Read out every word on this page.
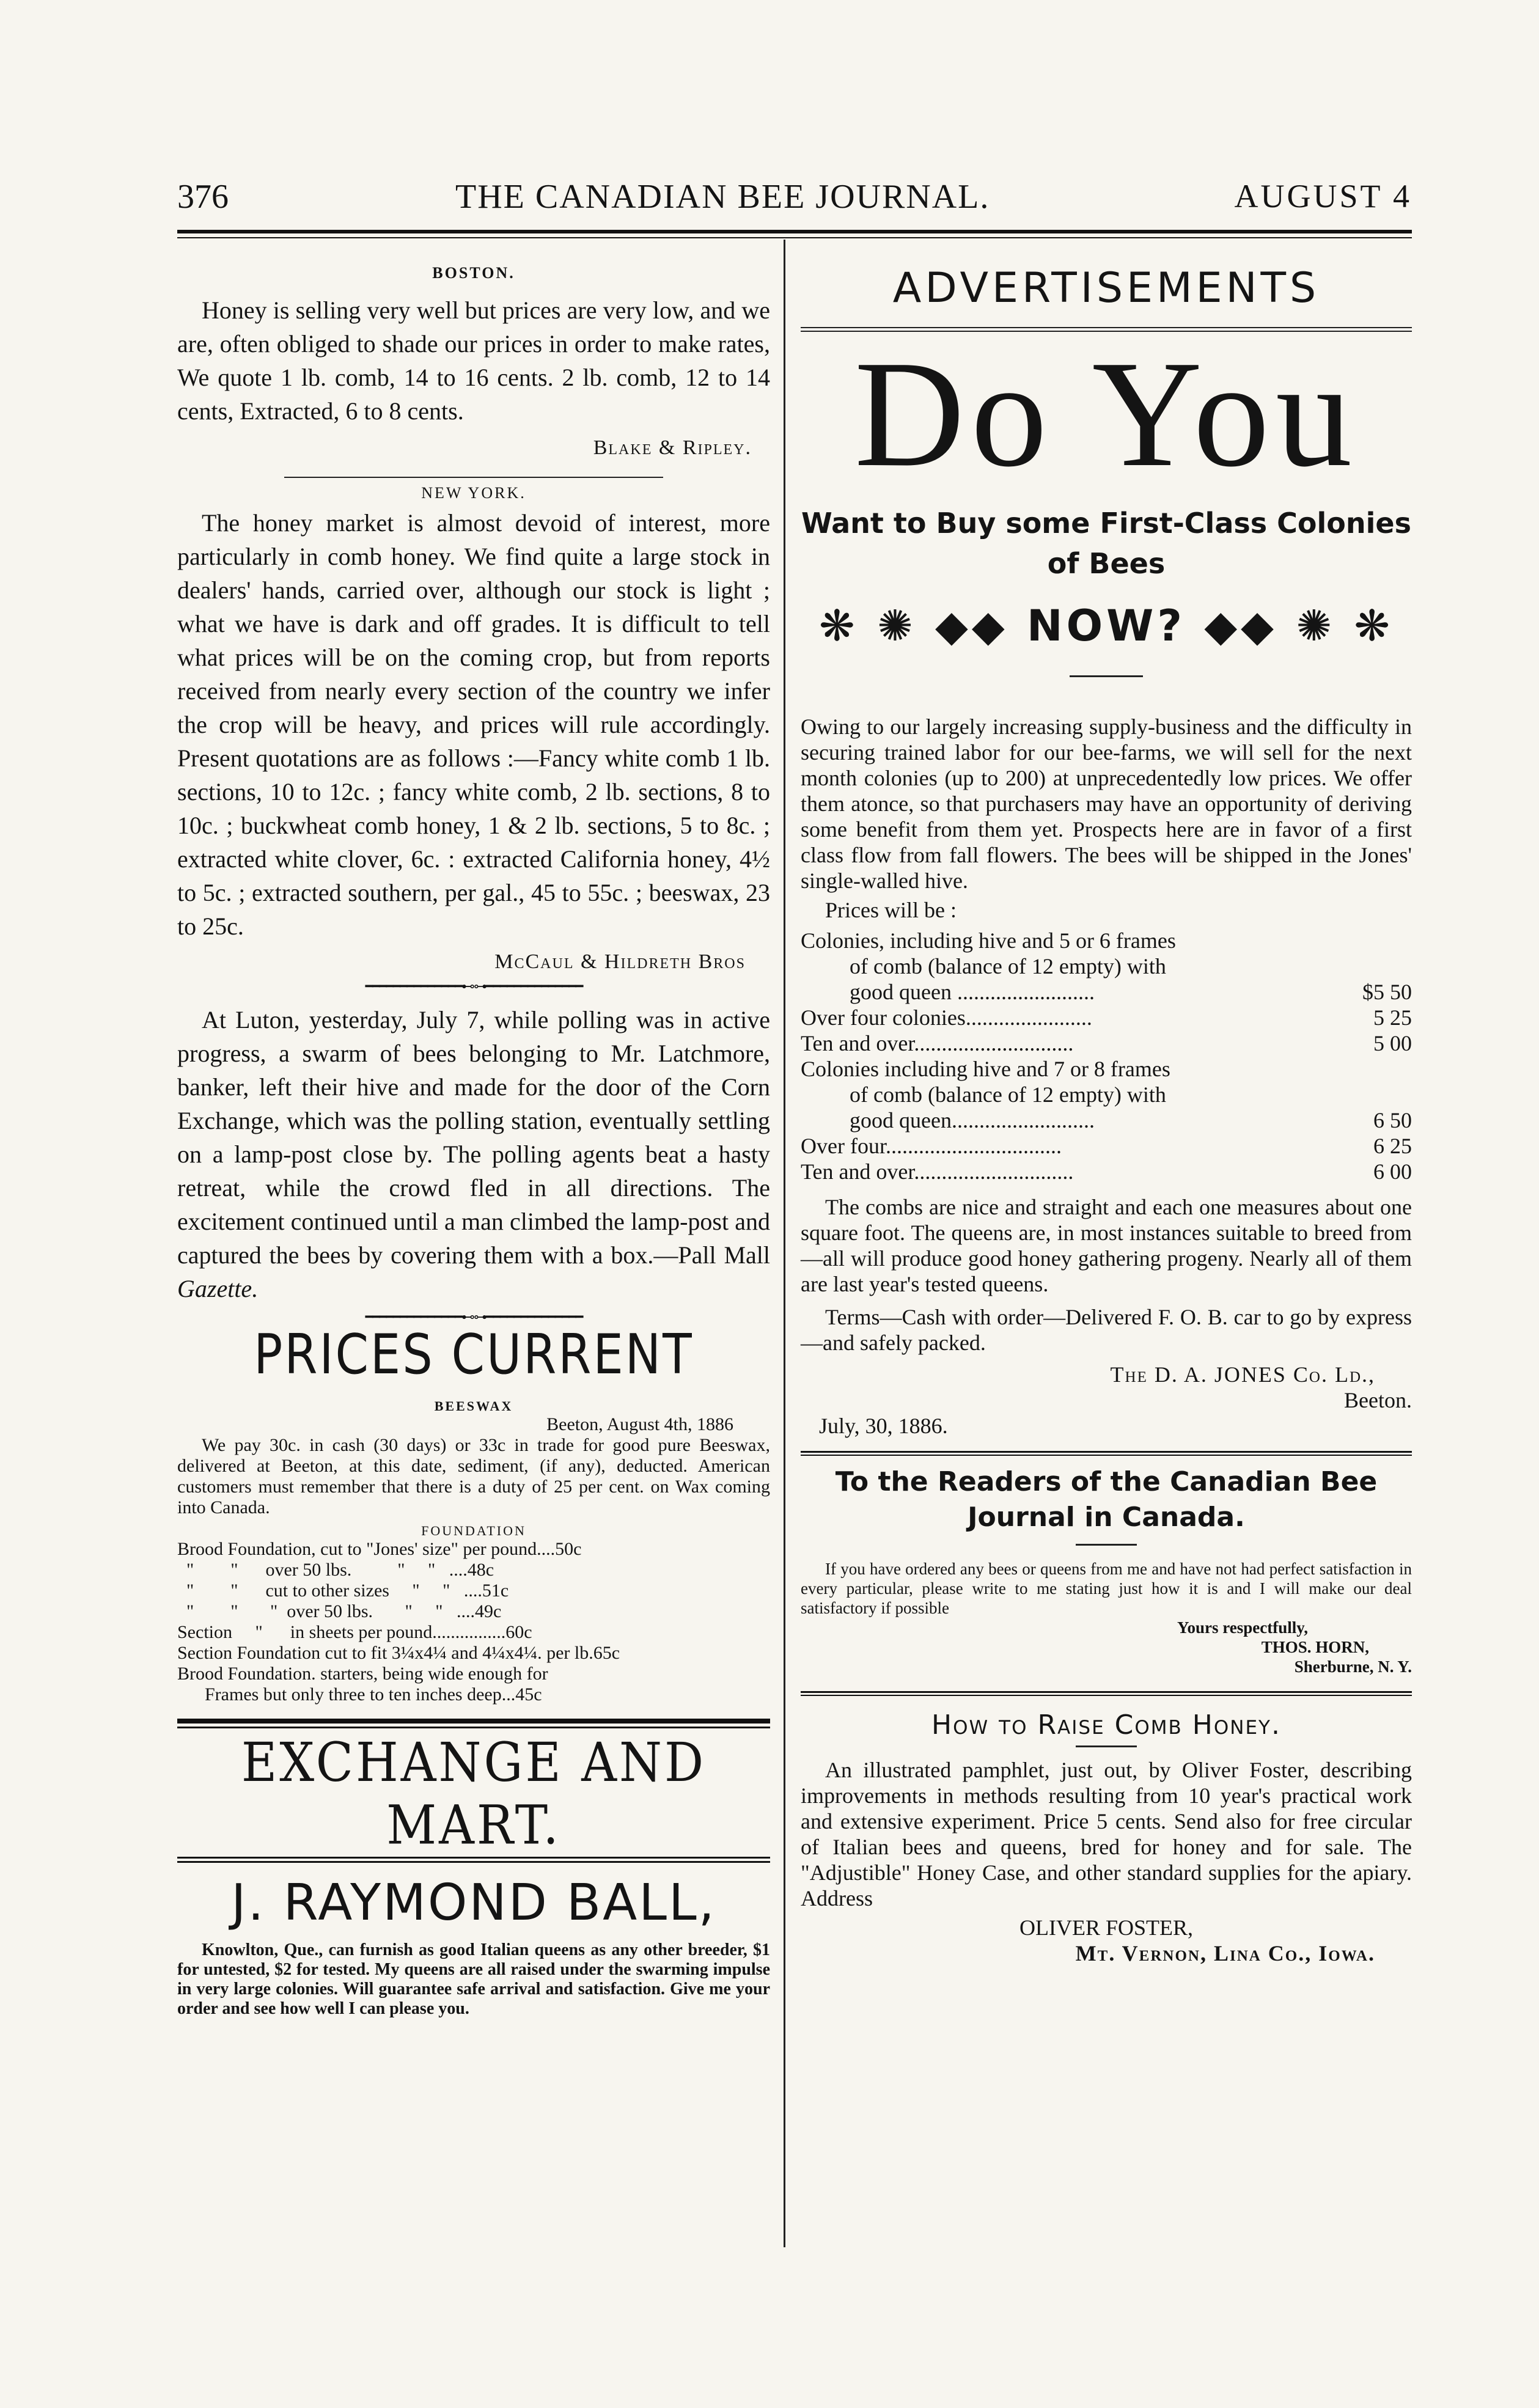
376	THE CANADIAN BEE JOURNAL.	AUGUST 4
BOSTON.

Honey is selling very well but prices are very low, and we are, often obliged to shade our prices in order to make rates, We quote 1 lb. comb, 14 to 16 cents. 2 lb. comb, 12 to 14 cents, Extracted, 6 to 8 cents.

Blake & Ripley.
NEW YORK.

The honey market is almost devoid of interest, more particularly in comb honey. We find quite a large stock in dealers' hands, carried over, although our stock is light ; what we have is dark and off grades. It is difficult to tell what prices will be on the coming crop, but from reports received from nearly every section of the country we infer the crop will be heavy, and prices will rule accordingly. Present quotations are as follows :—Fancy white comb 1 lb. sections, 10 to 12c. ; fancy white comb, 2 lb. sections, 8 to 10c. ; buckwheat comb honey, 1 & 2 lb. sections, 5 to 8c. ; extracted white clover, 6c. : extracted California honey, 4½ to 5c. ; extracted southern, per gal., 45 to 55c. ; beeswax, 23 to 25c.

McCaul & Hildreth Bros
━━━━━━━━━━━━━━⊷⊶━━━━━━━━━━━━━━

At Luton, yesterday, July 7, while polling was in active progress, a swarm of bees belonging to Mr. Latchmore, banker, left their hive and made for the door of the Corn Exchange, which was the polling station, eventually settling on a lamp-post close by. The polling agents beat a hasty retreat, while the crowd fled in all directions. The excitement continued until a man climbed the lamp-post and captured the bees by covering them with a box.—Pall Mall Gazette.

━━━━━━━━━━━━━━⊷⊶━━━━━━━━━━━━━━
PRICES CURRENT
BEESWAX
Beeton, August 4th, 1886

We pay 30c. in cash (30 days) or 33c in trade for good pure Beeswax, delivered at Beeton, at this date, sediment, (if any), deducted. American customers must remember that there is a duty of 25 per cent. on Wax coming into Canada.

FOUNDATION
Brood Foundation, cut to "Jones' size" per pound....50c
"        "      over 50 lbs.          "     "   ....48c
"        "      cut to other sizes     "     "   ....51c
"        "       "  over 50 lbs.       "     "   ....49c
Section     "      in sheets per pound................60c
Section Foundation cut to fit 3¼x4¼ and 4¼x4¼. per lb.65c
Brood Foundation. starters, being wide enough for
Frames but only three to ten inches deep...45c
EXCHANGE AND MART.
J. RAYMOND BALL,

Knowlton, Que., can furnish as good Italian queens as any other breeder, $1 for untested, $2 for tested. My queens are all raised under the swarming impulse in very large colonies. Will guarantee safe arrival and satisfaction. Give me your order and see how well I can please you.

ADVERTISEMENTS
Do You
Want to Buy some First-Class Colonies of Bees
❋ ✺ ◆◆ NOW? ◆◆ ✺ ❋

Owing to our largely increasing supply-business and the difficulty in securing trained labor for our bee-farms, we will sell for the next month colonies (up to 200) at unprecedentedly low prices. We offer them atonce, so that purchasers may have an opportunity of deriving some benefit from them yet. Prospects here are in favor of a first class flow from fall flowers. The bees will be shipped in the Jones' single-walled hive.

Prices will be :
Colonies, including hive and 5 or 6 frames
of comb (balance of 12 empty) with
good queen .........................	$5 50
Over four colonies.......................	5 25
Ten and over.............................	5 00
Colonies including hive and 7 or 8 frames
of comb (balance of 12 empty) with
good queen..........................	6 50
Over four................................	6 25
Ten and over.............................	6 00

The combs are nice and straight and each one measures about one square foot. The queens are, in most instances suitable to breed from—all will produce good honey gathering progeny. Nearly all of them are last year's tested queens.

Terms—Cash with order—Delivered F. O. B. car to go by express—and safely packed.

The D. A. JONES Co. Ld.,
Beeton.
July, 30, 1886.
To the Readers of the Canadian Bee Journal in Canada.

If you have ordered any bees or queens from me and have not had perfect satisfaction in every particular, please write to me stating just how it is and I will make our deal satisfactory if possible

Yours respectfully,
THOS. HORN,
Sherburne, N. Y.
How to Raise Comb Honey.

An illustrated pamphlet, just out, by Oliver Foster, describing improvements in methods resulting from 10 year's practical work and extensive experiment. Price 5 cents. Send also for free circular of Italian bees and queens, bred for honey and for sale. The "Adjustible" Honey Case, and other standard supplies for the apiary. Address

OLIVER FOSTER,
Mt. Vernon, Lina Co., Iowa.
